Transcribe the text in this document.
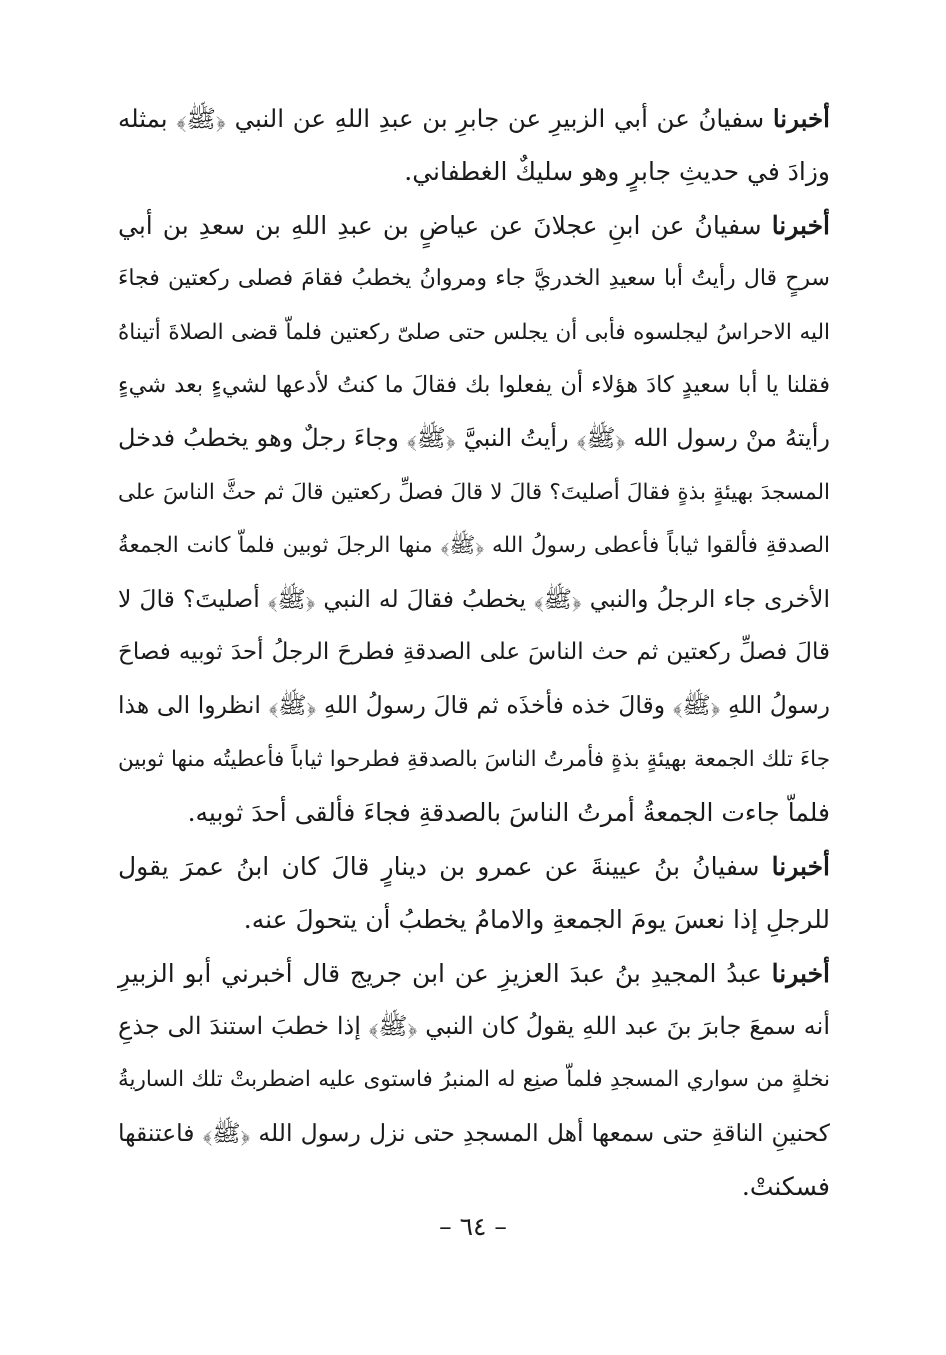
أخبرنا سفيانُ عن أبي الزبيرِ عن جابرِ بن عبدِ اللهِ عن النبي ﴿ﷺ﴾ بمثله
وزادَ في حديثِ جابرٍ وهو سليكٌ الغطفاني.
أخبرنا سفيانُ عن ابنِ عجلانَ عن عياضٍ بن عبدِ اللهِ بن سعدِ بن أبي
سرحٍ قال رأيتُ أبا سعيدِ الخدريَّ جاء ومروانُ يخطبُ فقامَ فصلى ركعتين فجاءَ
اليه الاحراسُ ليجلسوه فأبى أن يجلس حتى صلىّ ركعتين فلماّ قضى الصلاةَ أتيناهُ
فقلنا يا أبا سعيدٍ كادَ هؤلاء أن يفعلوا بك فقالَ ما كنتُ لأدعها لشيءٍ بعد شيءٍ
رأيتهُ منْ رسول الله ﴿ﷺ﴾ رأيتُ النبيَّ ﴿ﷺ﴾ وجاءَ رجلٌ وهو يخطبُ فدخل
المسجدَ بهيئةٍ بذةٍ فقالَ أصليتَ؟ قالَ لا قالَ فصلِّ ركعتين قالَ ثم حثَّ الناسَ على
الصدقةِ فألقوا ثياباً فأعطى رسولُ الله ﴿ﷺ﴾ منها الرجلَ ثوبين فلماّ كانت الجمعةُ
الأخرى جاء الرجلُ والنبي ﴿ﷺ﴾ يخطبُ فقالَ له النبي ﴿ﷺ﴾ أصليتَ؟ قالَ لا
قالَ فصلِّ ركعتين ثم حث الناسَ على الصدقةِ فطرحَ الرجلُ أحدَ ثوبيه فصاحَ
رسولُ اللهِ ﴿ﷺ﴾ وقالَ خذه فأخذَه ثم قالَ رسولُ اللهِ ﴿ﷺ﴾ انظروا الى هذا
جاءَ تلك الجمعة بهيئةٍ بذةٍ فأمرتُ الناسَ بالصدقةِ فطرحوا ثياباً فأعطيتُه منها ثوبين
فلماّ جاءت الجمعةُ أمرتُ الناسَ بالصدقةِ فجاءَ فألقى أحدَ ثوبيه.
أخبرنا سفيانُ بنُ عيينةَ عن عمرو بن دينارٍ قالَ كان ابنُ عمرَ يقول
للرجلِ إذا نعسَ يومَ الجمعةِ والامامُ يخطبُ أن يتحولَ عنه.
أخبرنا عبدُ المجيدِ بنُ عبدَ العزيزِ عن ابن جريج قال أخبرني أبو الزبيرِ
أنه سمعَ جابرَ بنَ عبد اللهِ يقولُ كان النبي ﴿ﷺ﴾ إذا خطبَ استندَ الى جذعِ
نخلةٍ من سواري المسجدِ فلماّ صنِع له المنبرُ فاستوى عليه اضطربتْ تلك الساريةُ
كحنينِ الناقةِ حتى سمعها أهل المسجدِ حتى نزل رسول الله ﴿ﷺ﴾ فاعتنقها
فسكنتْ.
– ٦٤ –
